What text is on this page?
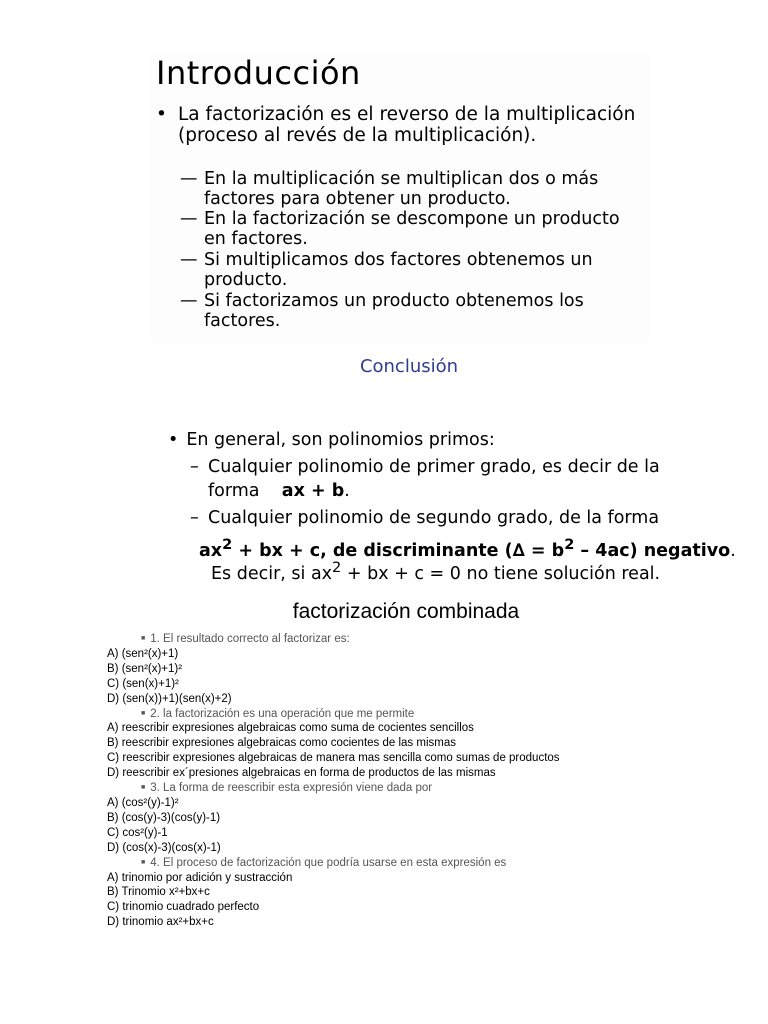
Introducción
• La factorización es el reverso de la multiplicación (proceso al revés de la multiplicación).
— En la multiplicación se multiplican dos o más factores para obtener un producto.
— En la factorización se descompone un producto en factores.
— Si multiplicamos dos factores obtenemos un producto.
— Si factorizamos un producto obtenemos los factores.
Conclusión
• En general, son polinomios primos:
– Cualquier polinomio de primer grado, es decir de la forma ax + b.
– Cualquier polinomio de segundo grado, de la forma
$ax^2$ + bx + c, de discriminante (∆ = $b^2 - 4ac$) negativo.
Es decir, si $ax^2$ + bx + c = 0 no tiene solución real.
factorización combinada
■ 1. El resultado correcto al factorizar es:
A) (sen²(x)+1)
B) (sen²(x)+1)²
C) (sen(x)+1)²
D) (sen(x))+1)(sen(x)+2)
■ 2. la factorización es una operación que me permite
A) reescribir expresiones algebraicas como suma de cocientes sencillos
B) reescribir expresiones algebraicas como cocientes de las mismas
C) reescribir expresiones algebraicas de manera mas sencilla como sumas de productos
D) reescribir ex´presiones algebraicas en forma de productos de las mismas
■ 3. La forma de reescribir esta expresión viene dada por
A) (cos²(y)-1)²
B) (cos(y)-3)(cos(y)-1)
C) cos²(y)-1
D) (cos(x)-3)(cos(x)-1)
■ 4. El proceso de factorización que podría usarse en esta expresión es
A) trinomio por adición y sustracción
B) Trinomio x²+bx+c
C) trinomio cuadrado perfecto
D) trinomio ax²+bx+c
